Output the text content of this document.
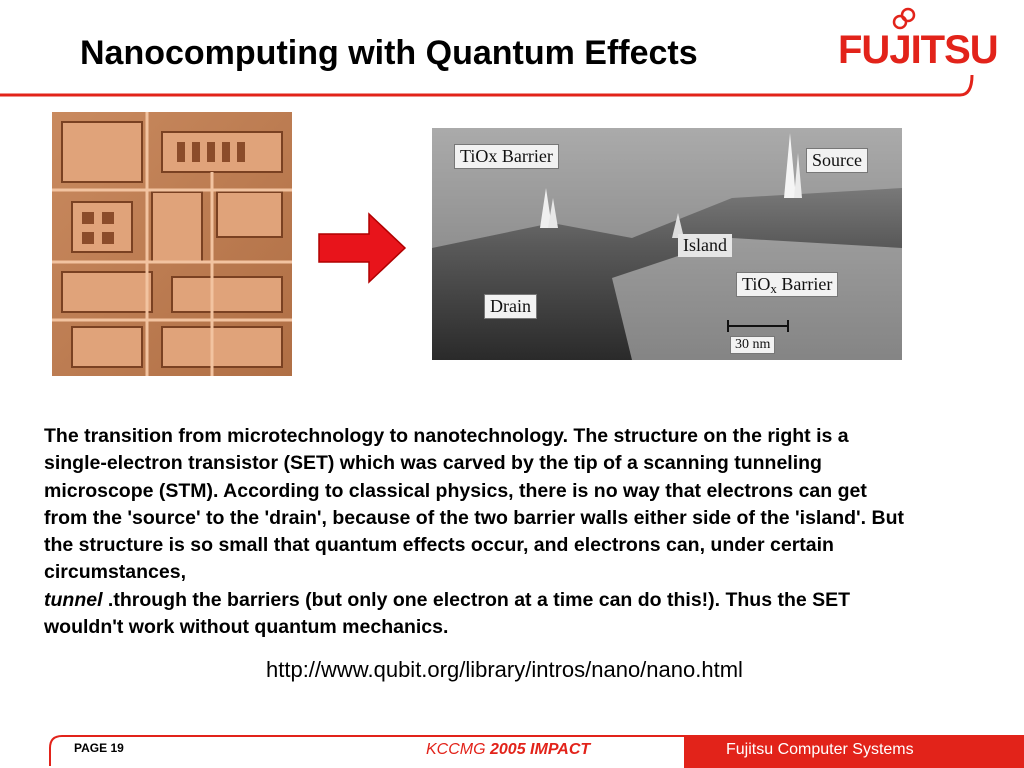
Nanocomputing with Quantum Effects	FUJITSU
TiOx Barrier	Source
Island
Drain
TiOx Barrier
30 nm
The transition from microtechnology to nanotechnology. The structure on the right is a single-electron transistor (SET) which was carved by the tip of a scanning tunneling microscope (STM). According to classical physics, there is no way that electrons can get from the 'source' to the 'drain', because of the two barrier walls either side of the 'island'. But the structure is so small that quantum effects occur, and electrons can, under certain circumstances,
tunnel .through the barriers (but only one electron at a time can do this!). Thus the SET wouldn't work without quantum mechanics.
http://www.qubit.org/library/intros/nano/nano.html
PAGE 19	KCCMG 2005 IMPACT	Fujitsu Computer Systems
